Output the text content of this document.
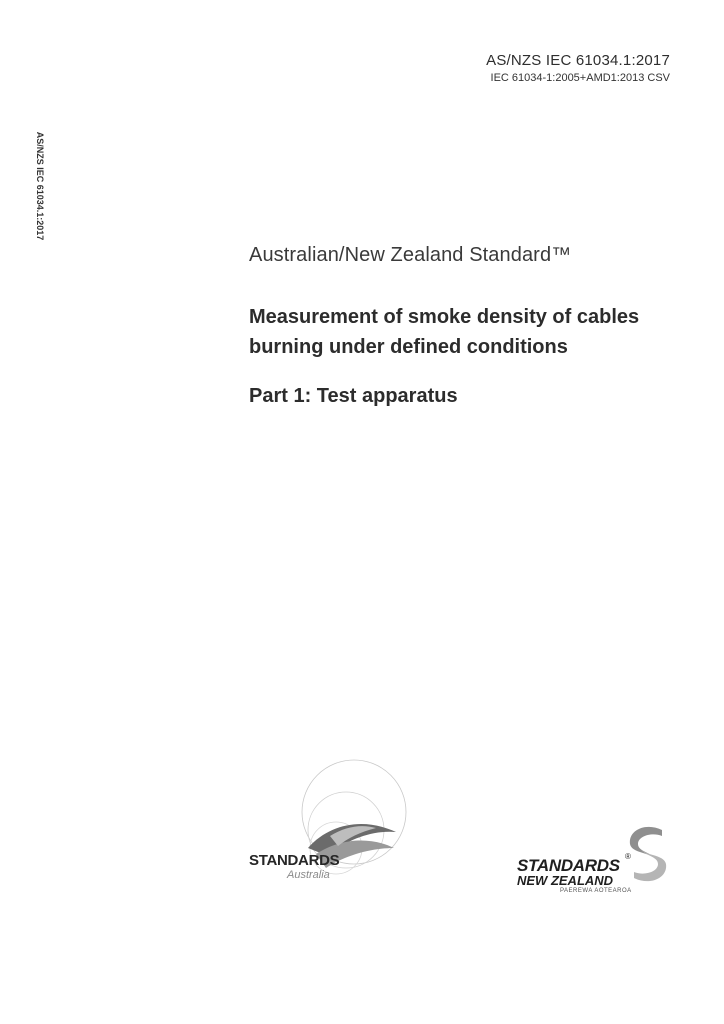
AS/NZS IEC 61034.1:2017
IEC 61034-1:2005+AMD1:2013 CSV
AS/NZS IEC 61034.1:2017
Australian/New Zealand Standard™
Measurement of smoke density of cables
burning under defined conditions
Part 1: Test apparatus
STANDARDS
Australia	STANDARDS ®
NEW ZEALAND
PAEREWA AOTEAROA
